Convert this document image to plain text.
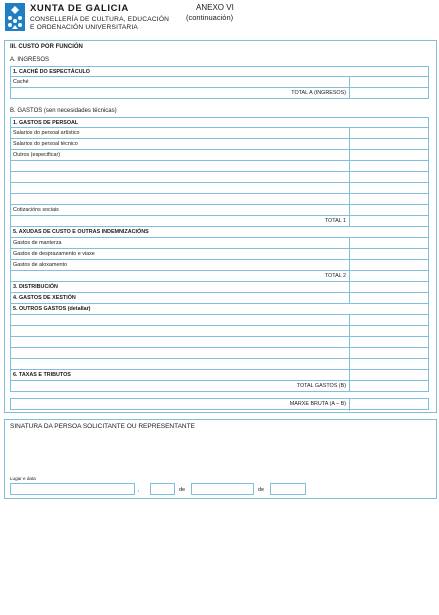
XUNTA DE GALICIA
CONSELLERÍA DE CULTURA, EDUCACIÓN
E ORDENACIÓN UNIVERSITARIA
ANEXO VI
(continuación)
III. CUSTO POR FUNCIÓN
A. INGRESOS
1. CACHÉ DO ESPECTÁCULO
Caché
TOTAL A (INGRESOS)
B. GASTOS (sen necesidades técnicas)
1. GASTOS DE PERSOAL
Salarios do persoal artístico
Salarios do persoal técnico
Outros (especificar)
Cotizacións sociais
TOTAL 1
5. AXUDAS DE CUSTO E OUTRAS INDEMNIZACIÓNS
Gastos de manterza
Gastos de desprazamento e viaxe
Gastos de aloxamento
TOTAL 2
3. DISTRIBUCIÓN
4. GASTOS DE XESTIÓN
5. OUTROS GASTOS (detallar)
6. TAXAS E TRIBUTOS
TOTAL GASTOS (B)
MARXE BRUTA (A – B)
SINATURA DA PERSOA SOLICITANTE OU REPRESENTANTE
Lugar e data
,	de	de
